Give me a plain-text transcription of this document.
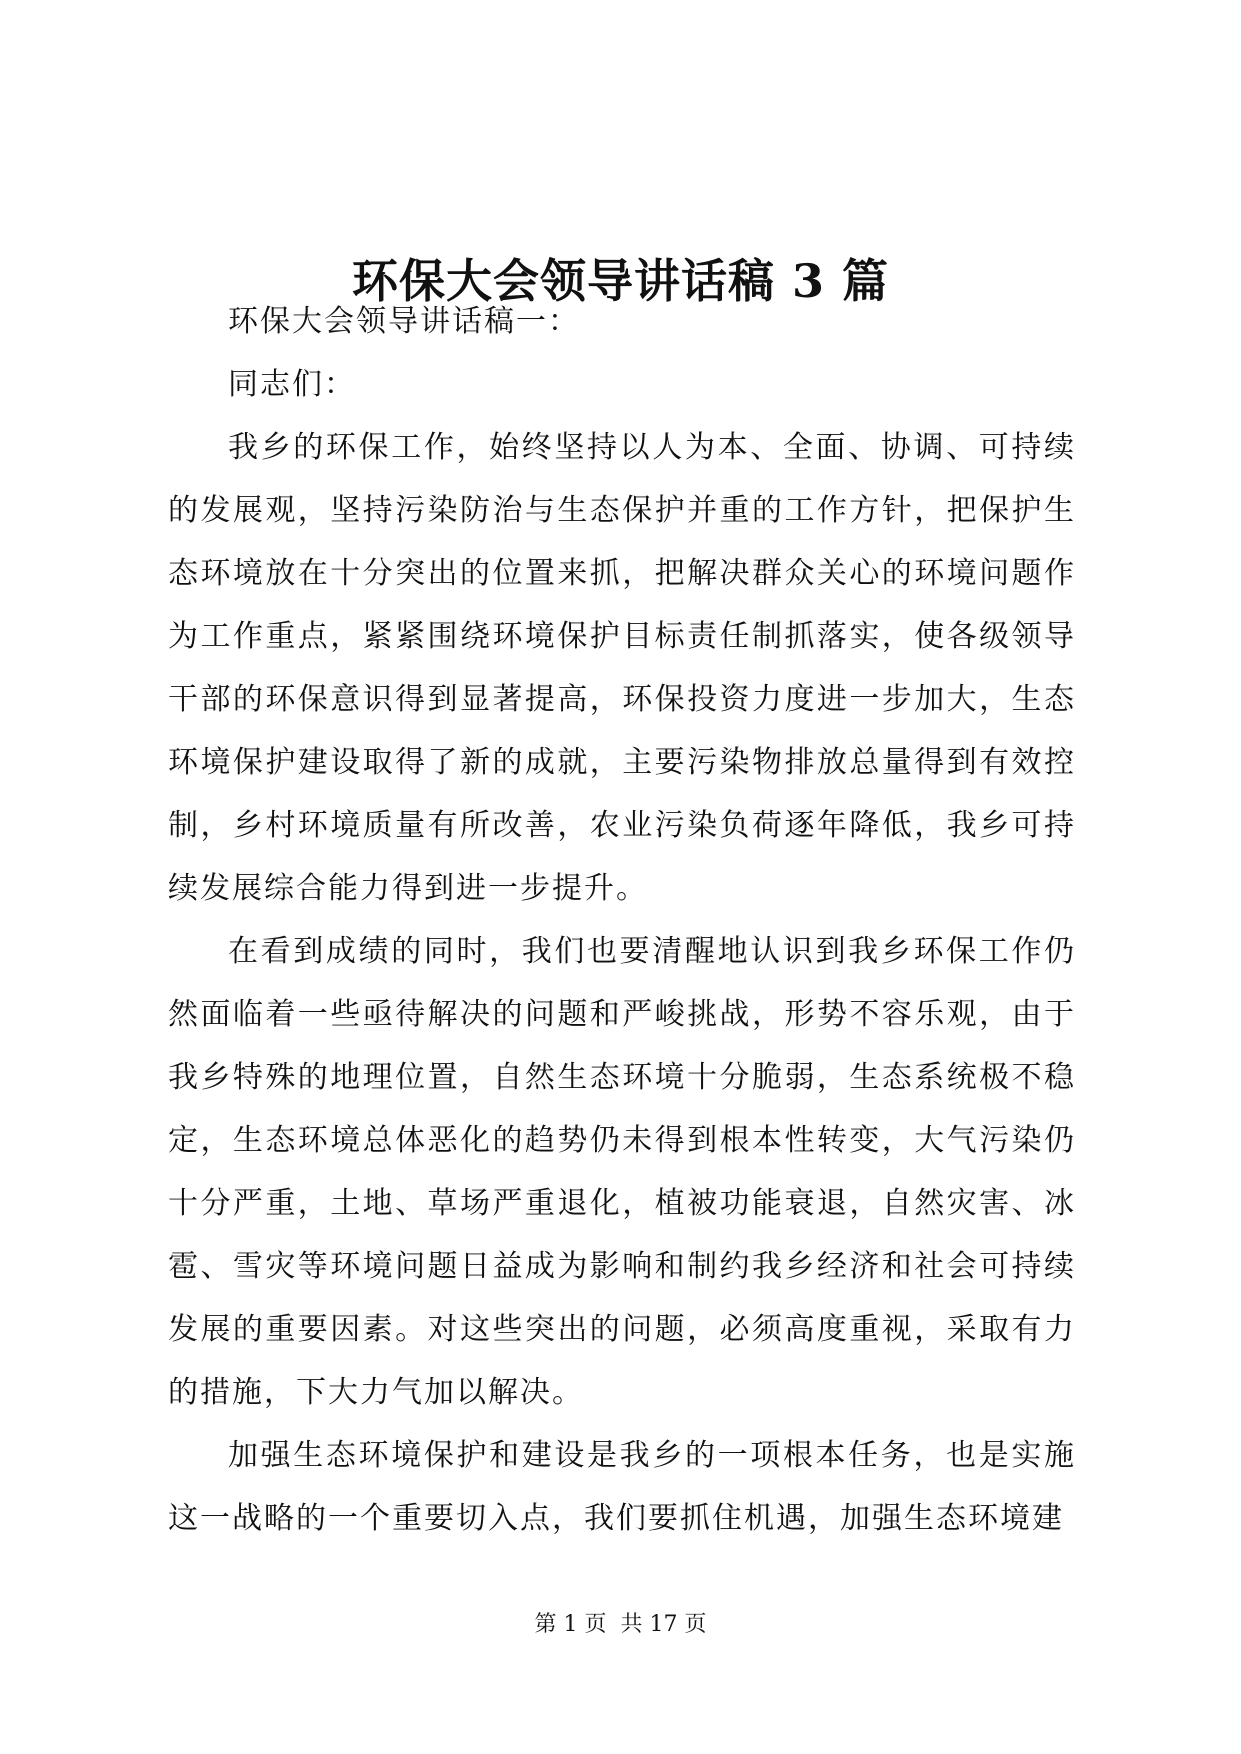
环保大会领导讲话稿 3 篇

环保大会领导讲话稿一：

同志们：

我乡的环保工作，始终坚持以人为本、全面、协调、可持续的发展观，坚持污染防治与生态保护并重的工作方针，把保护生态环境放在十分突出的位置来抓，把解决群众关心的环境问题作为工作重点，紧紧围绕环境保护目标责任制抓落实，使各级领导干部的环保意识得到显著提高，环保投资力度进一步加大，生态环境保护建设取得了新的成就，主要污染物排放总量得到有效控制，乡村环境质量有所改善，农业污染负荷逐年降低，我乡可持续发展综合能力得到进一步提升。

在看到成绩的同时，我们也要清醒地认识到我乡环保工作仍然面临着一些亟待解决的问题和严峻挑战，形势不容乐观，由于我乡特殊的地理位置，自然生态环境十分脆弱，生态系统极不稳定，生态环境总体恶化的趋势仍未得到根本性转变，大气污染仍十分严重，土地、草场严重退化，植被功能衰退，自然灾害、冰雹、雪灾等环境问题日益成为影响和制约我乡经济和社会可持续发展的重要因素。对这些突出的问题，必须高度重视，采取有力的措施，下大力气加以解决。

加强生态环境保护和建设是我乡的一项根本任务，也是实施这一战略的一个重要切入点，我们要抓住机遇，加强生态环境建

第 1 页  共 17 页
